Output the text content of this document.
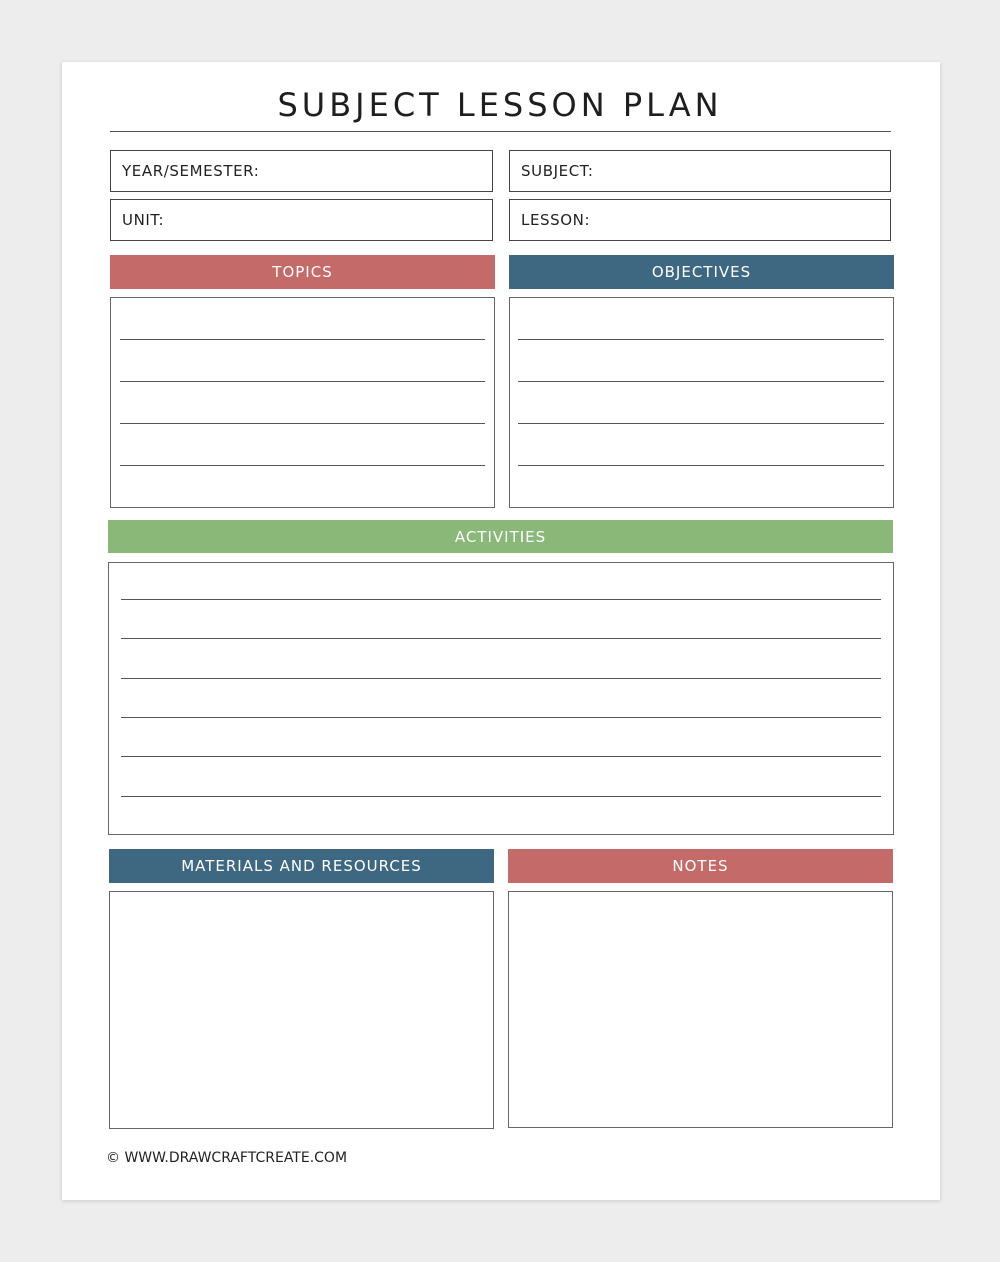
SUBJECT LESSON PLAN
YEAR/SEMESTER:	SUBJECT:
UNIT:	LESSON:
TOPICS	OBJECTIVES
ACTIVITIES
MATERIALS AND RESOURCES	NOTES
© WWW.DRAWCRAFTCREATE.COM
